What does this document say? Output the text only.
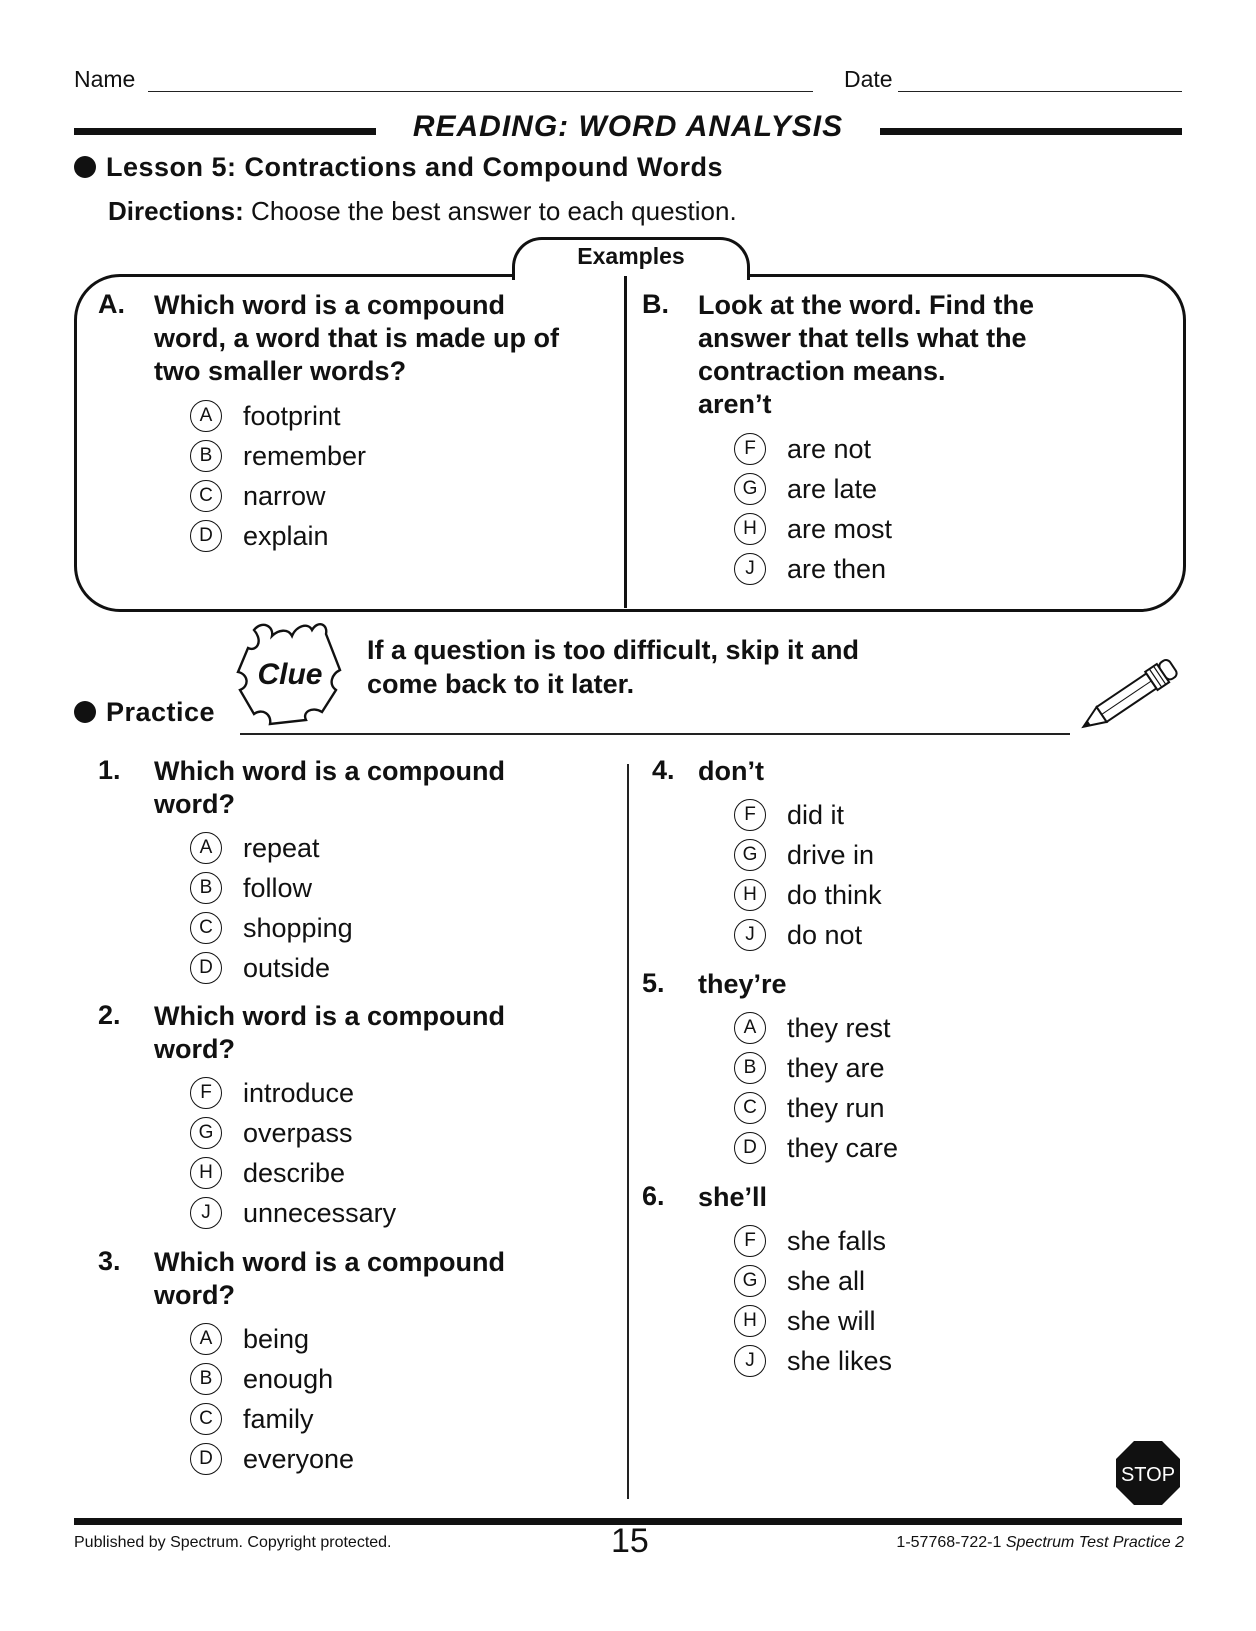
Name	Date
READING: WORD ANALYSIS
Lesson 5: Contractions and Compound Words
Directions: Choose the best answer to each question.
Examples
A. Which word is a compound
word, a word that is made up of
two smaller words?
A footprint
B remember
C narrow
D explain
B. Look at the word. Find the
answer that tells what the
contraction means.
aren’t
F are not
G are late
H are most
J are then
Clue
If a question is too difficult, skip it and
come back to it later.
Practice
1. Which word is a compound
word?
A repeat
B follow
C shopping
D outside
2. Which word is a compound
word?
F introduce
G overpass
H describe
J unnecessary
3. Which word is a compound
word?
A being
B enough
C family
D everyone
4. don’t
F did it
G drive in
H do think
J do not
5. they’re
A they rest
B they are
C they run
D they care
6. she’ll
F she falls
G she all
H she will
J she likes
STOP
Published by Spectrum. Copyright protected.	15	1-57768-722-1 Spectrum Test Practice 2
